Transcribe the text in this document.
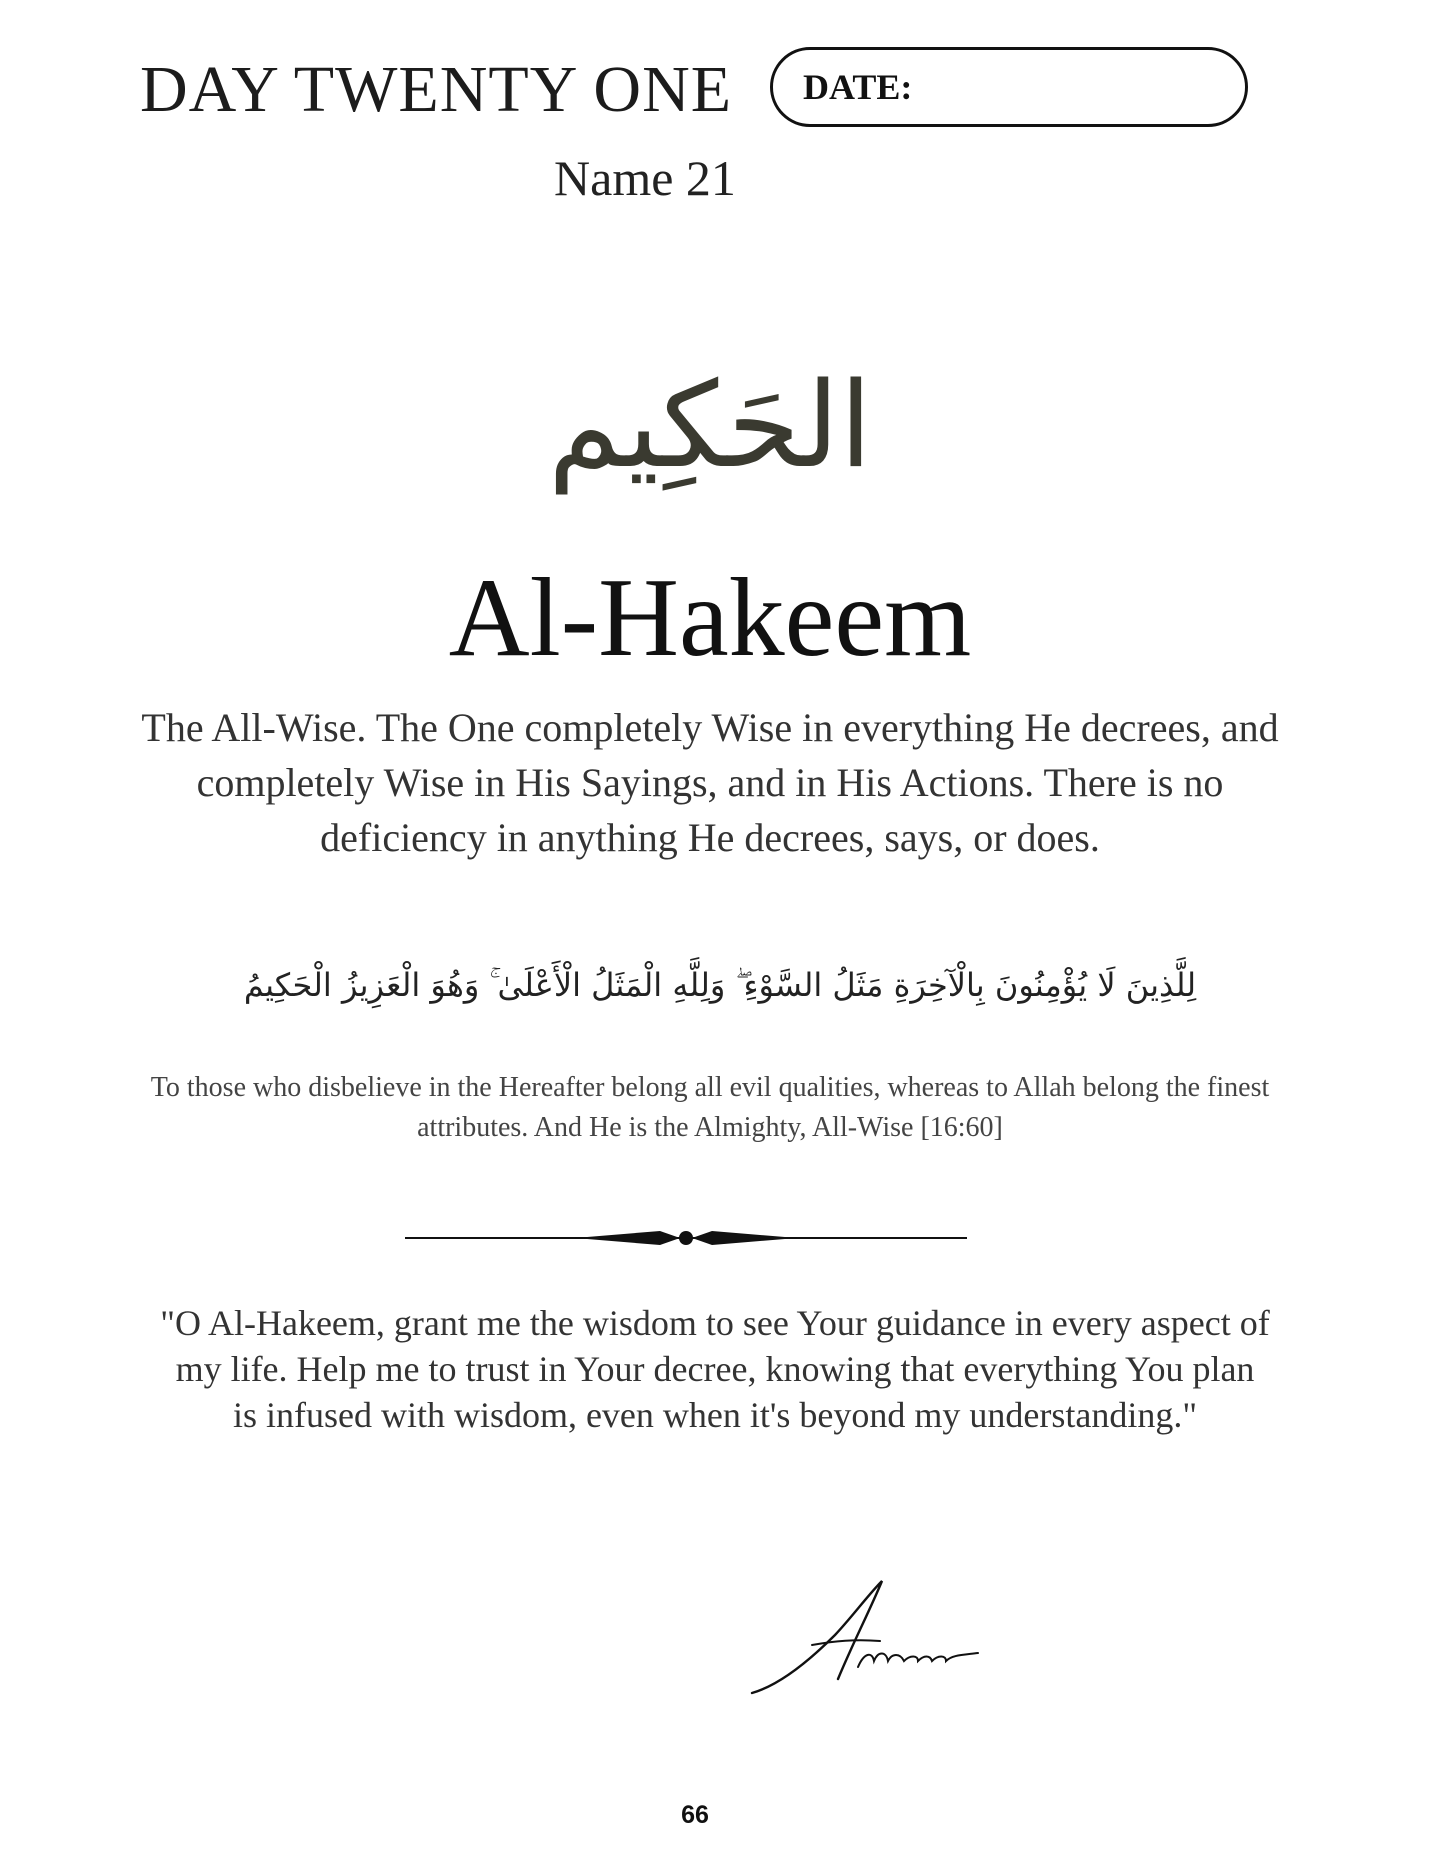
DAY TWENTY ONE DATE:
Name 21
الحَكِيم
Al-Hakeem
The All-Wise. The One completely Wise in everything He decrees, and completely Wise in His Sayings, and in His Actions. There is no deficiency in anything He decrees, says, or does.
لِلَّذِينَ لَا يُؤْمِنُونَ بِالْآخِرَةِ مَثَلُ السَّوْءِ ۖ وَلِلَّهِ الْمَثَلُ الْأَعْلَىٰ ۚ وَهُوَ الْعَزِيزُ الْحَكِيمُ
To those who disbelieve in the Hereafter belong all evil qualities, whereas to Allah belong the finest attributes. And He is the Almighty, All-Wise [16:60]
"O Al-Hakeem, grant me the wisdom to see Your guidance in every aspect of my life. Help me to trust in Your decree, knowing that everything You plan is infused with wisdom, even when it's beyond my understanding."
66
